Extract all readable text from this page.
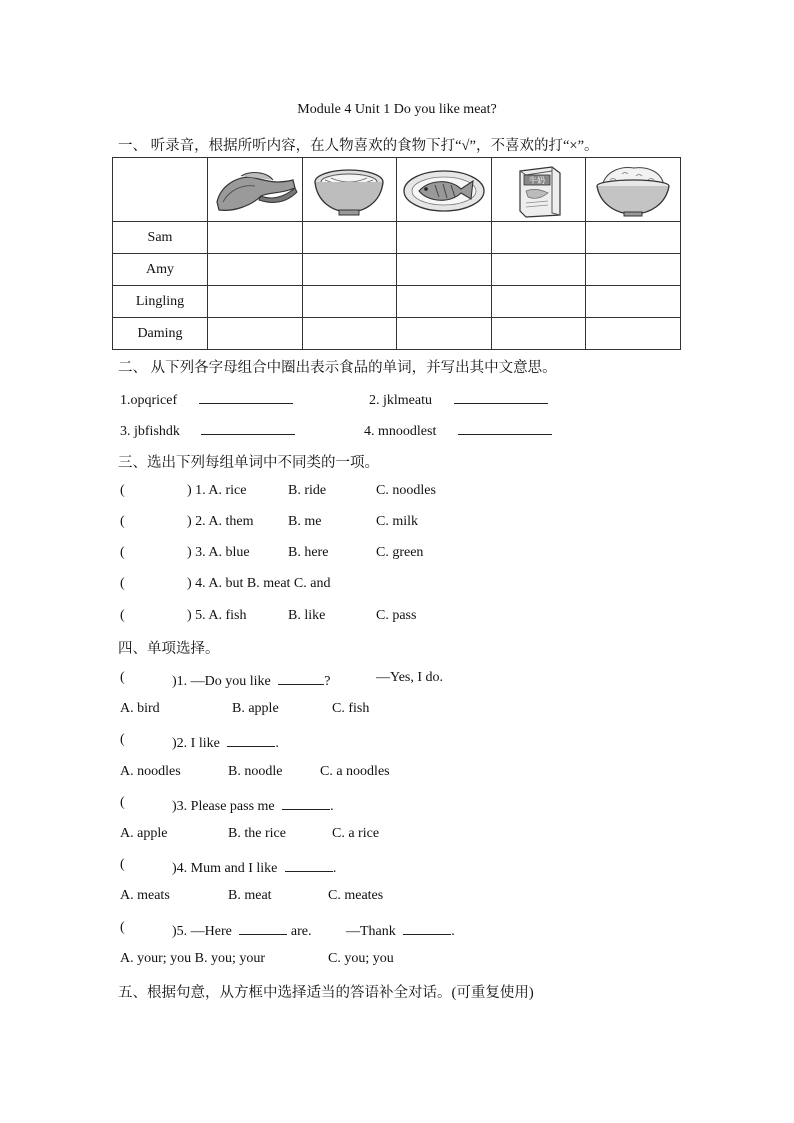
Module 4 Unit 1 Do you like meat?
一、 听录音，根据所听内容，在人物喜欢的食物下打“√”，不喜欢的打“×”。

牛奶

Sam					
Amy					
Lingling					
Daming					
二、 从下列各字母组合中圈出表示食品的单词，并写出其中文意思。
1.opqricef	2. jklmeatu
3. jbfishdk	4. mnoodlest
三、选出下列每组单词中不同类的一项。
(	) 1. A. rice	B. ride	C. noodles
(	) 2. A. them B. me	C. milk
(	) 3. A. blue	B. here	C. green
(	) 4. A. but B. meat C. and
(	) 5. A. fish	B. like	C. pass
四、单项选择。
(	)1. —Do you like	?	—Yes, I do.
A. bird	B. apple	C. fish
(	)2. I like	.
A. noodles	B. noodle	C. a noodles
(	)3. Please pass me	.
A. apple	B. the rice	C. a rice
(	)4. Mum and I like	.
A. meats	B. meat	C. meates
(	)5. —Here	are. —Thank	.
A. your; you B. you; your	C. you; you
五、根据句意，从方框中选择适当的答语补全对话。(可重复使用)
